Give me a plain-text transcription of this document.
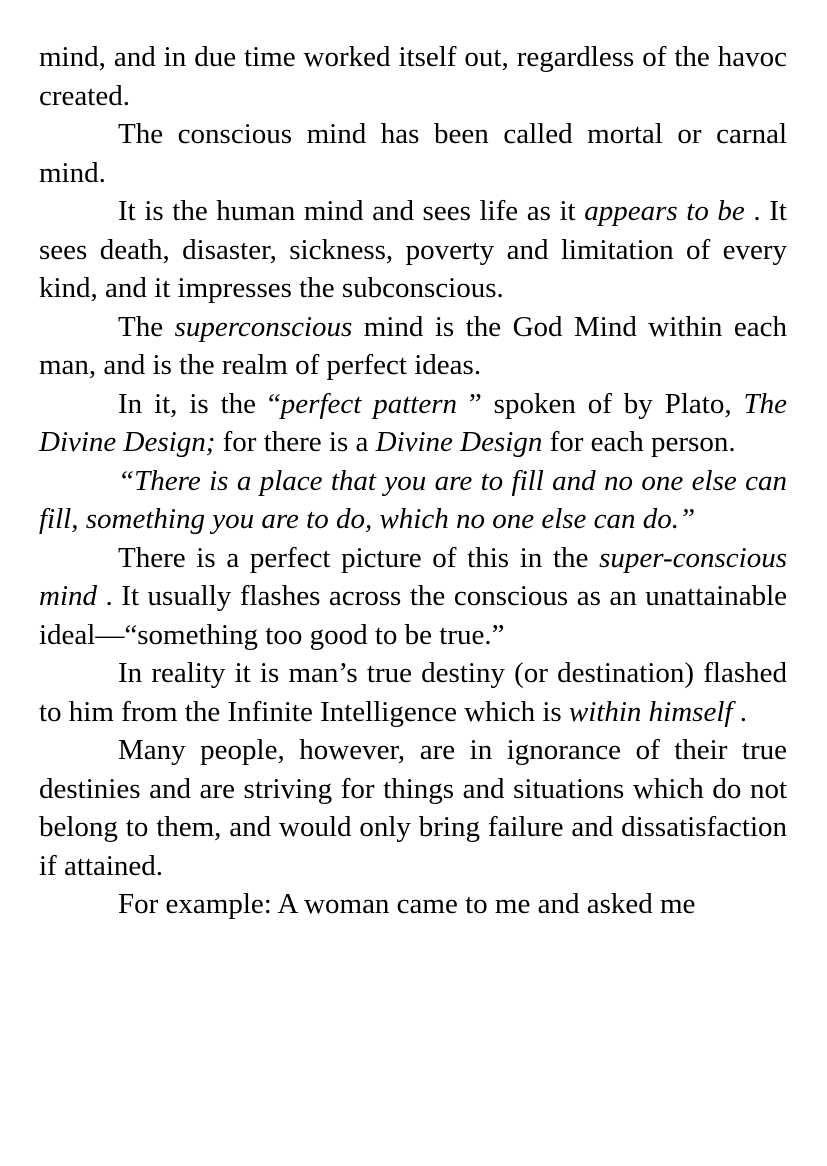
mind, and in due time worked itself out, regardless of the havoc created.

The conscious mind has been called mortal or carnal mind.

It is the human mind and sees life as it appears to be . It sees death, disaster, sickness, poverty and limitation of every kind, and it impresses the subconscious.

The superconscious mind is the God Mind within each man, and is the realm of perfect ideas.

In it, is the “perfect pattern ” spoken of by Plato, The Divine Design; for there is a Divine Design for each person.

“There is a place that you are to fill and no one else can fill, something you are to do, which no one else can do.”

There is a perfect picture of this in the super-conscious mind . It usually flashes across the conscious as an unattainable ideal—“something too good to be true.”

In reality it is man’s true destiny (or destination) flashed to him from the Infinite Intelligence which is within himself .

Many people, however, are in ignorance of their true destinies and are striving for things and situations which do not belong to them, and would only bring failure and dissatisfaction if attained.

For example: A woman came to me and asked me
